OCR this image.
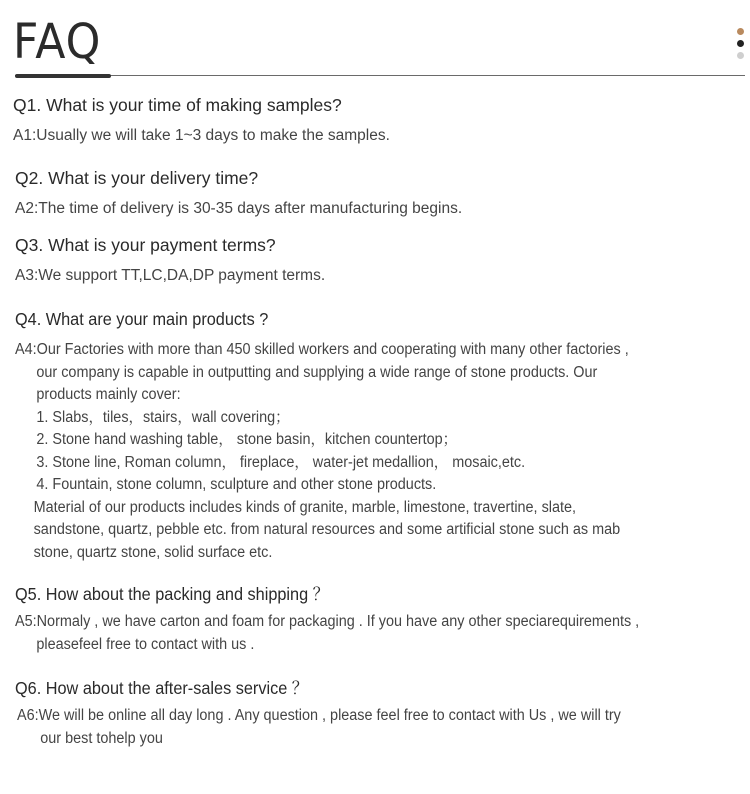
FAQ
Q1. What is your time of making samples?
A1:Usually we will take 1~3 days to make the samples.
Q2. What is your delivery time?
A2:The time of delivery is 30-35 days after manufacturing begins.
Q3. What is your payment terms?
A3:We support TT,LC,DA,DP payment terms.
Q4. What are your main products ?
A4:Our Factories with more than 450 skilled workers and cooperating with many other factories ,
our company is capable in outputting and supplying a wide range of stone products. Our
products mainly cover:
1. Slabs，tiles，stairs，wall covering；
2. Stone hand washing table， stone basin，kitchen countertop；
3. Stone line, Roman column， fireplace， water-jet medallion， mosaic,etc.
4. Fountain, stone column, sculpture and other stone products.
Material of our products includes kinds of granite, marble, limestone, travertine, slate,
sandstone, quartz, pebble etc. from natural resources and some artificial stone such as mab
stone, quartz stone, solid surface etc.
Q5. How about the packing and shipping ？
A5:Normaly , we have carton and foam for packaging . If you have any other speciarequirements ,
pleasefeel free to contact with us .
Q6. How about the after-sales service ？
A6:We will be online all day long . Any question , please feel free to contact with Us , we will try
our best tohelp you
